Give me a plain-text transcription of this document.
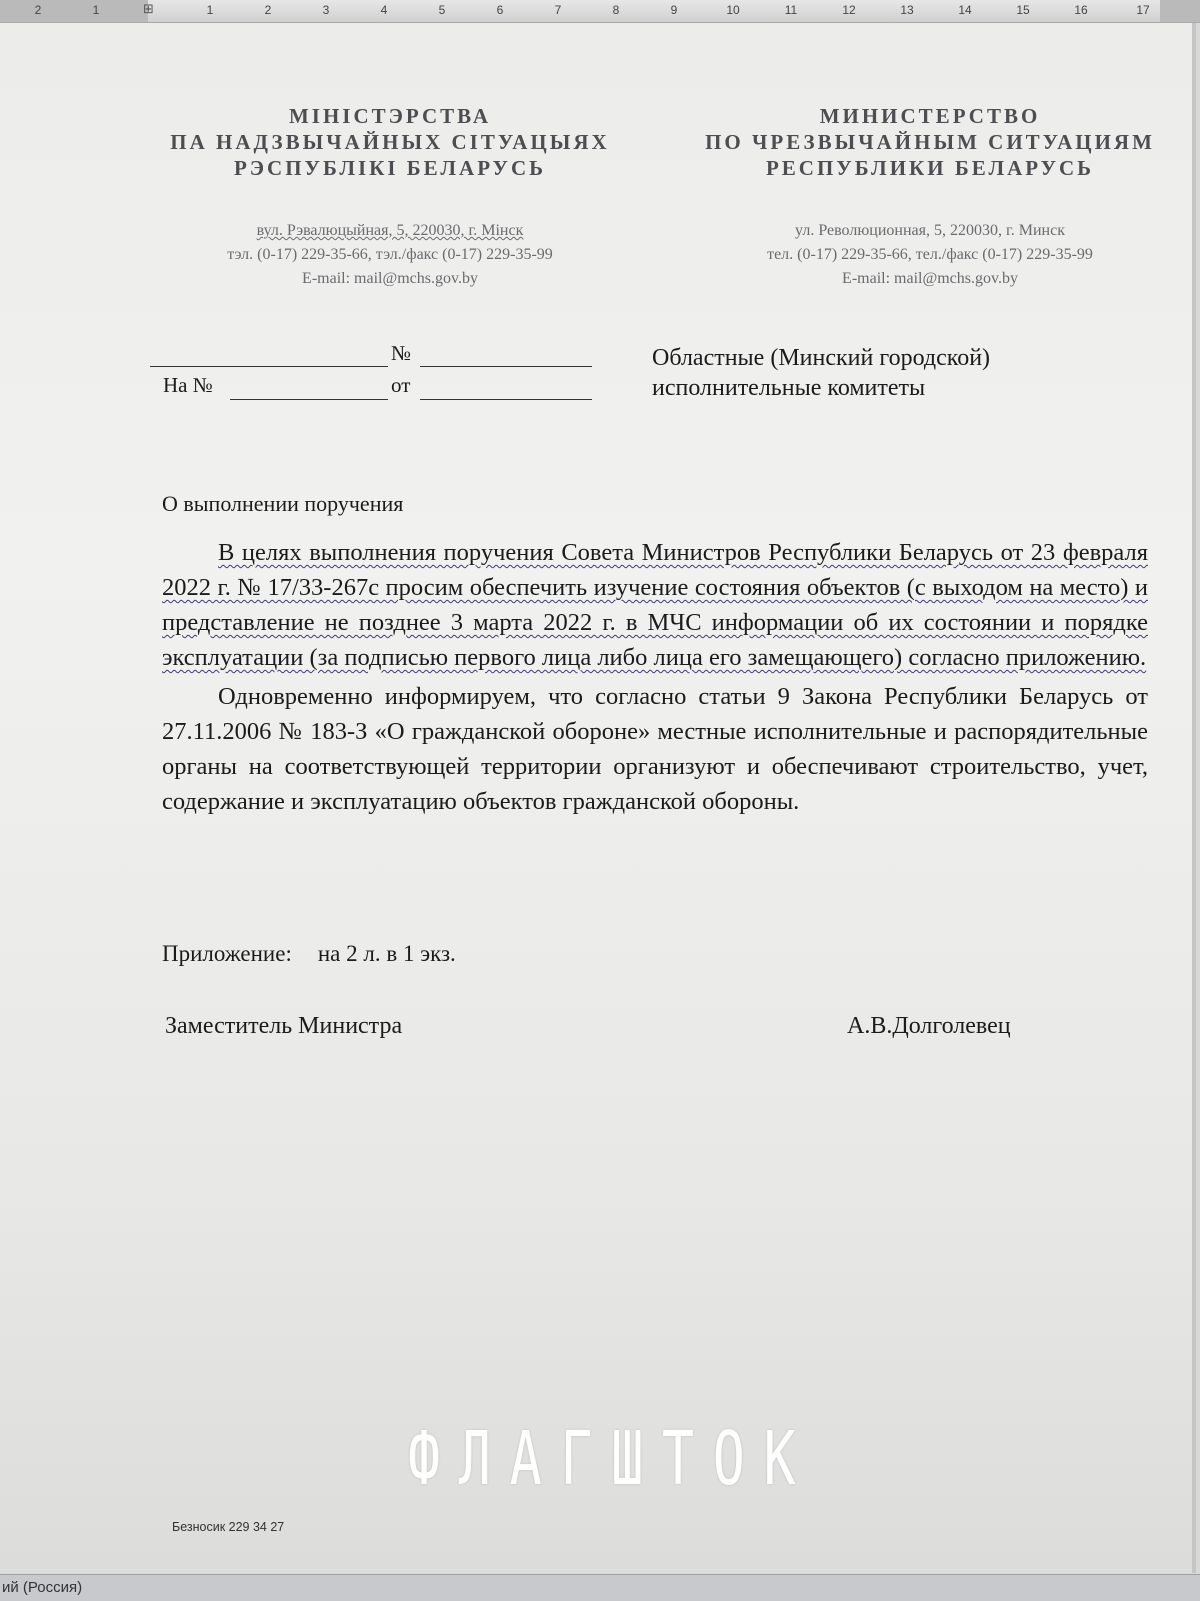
⊞
2	1	1	2	3	4	5	6	7	8	9	10	11	12	13	14	15	16	17
МІНІСТЭРСТВА
ПА НАДЗВЫЧАЙНЫХ СІТУАЦЫЯХ
РЭСПУБЛІКІ БЕЛАРУСЬ
МИНИСТЕРСТВО
ПО ЧРЕЗВЫЧАЙНЫМ СИТУАЦИЯМ
РЕСПУБЛИКИ БЕЛАРУСЬ
вул. Рэвалюцыйная, 5, 220030, г. Мінск
тэл. (0-17) 229-35-66, тэл./факс (0-17) 229-35-99
E-mail: mail@mchs.gov.by
ул. Революционная, 5, 220030, г. Минск
тел. (0-17) 229-35-66, тел./факс (0-17) 229-35-99
E-mail: mail@mchs.gov.by
№
На №	от
Областные (Минский городской) исполнительные комитеты
О выполнении поручения

В целях выполнения поручения Совета Министров Республики Беларусь от 23 февраля 2022 г. № 17/33-267с просим обеспечить изучение состояния объектов (с выходом на место) и представление не позднее 3 марта 2022 г. в МЧС информации об их состоянии и порядке эксплуатации (за подписью первого лица либо лица его замещающего) согласно приложению.

Одновременно информируем, что согласно статьи 9 Закона Республики Беларусь от 27.11.2006 № 183-З «О гражданской обороне» местные исполнительные и распорядительные органы на соответствующей территории организуют и обеспечивают строительство, учет, содержание и эксплуатацию объектов гражданской обороны.

Приложение: на 2 л. в 1 экз.
Заместитель Министра	А.В.Долголевец
Безносик 229 34 27
ФЛАГШТОК
ий (Россия)
